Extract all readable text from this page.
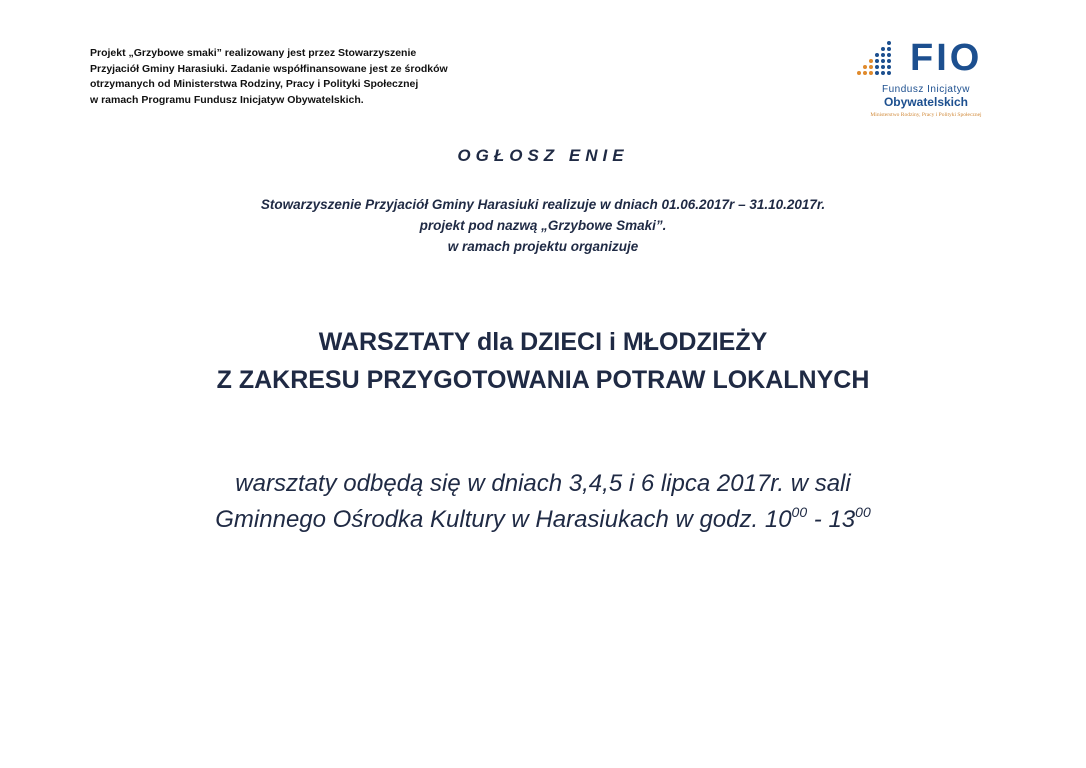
Projekt „Grzybowe smaki” realizowany jest przez Stowarzyszenie
Przyjaciół Gminy Harasiuki. Zadanie współfinansowane jest ze środków
otrzymanych od Ministerstwa Rodziny, Pracy i Polityki Społecznej
w ramach Programu Fundusz Inicjatyw Obywatelskich.
FIO
Fundusz Inicjatyw
Obywatelskich
Ministerstwo Rodziny, Pracy i Polityki Społecznej
OGŁOSZ ENIE
Stowarzyszenie Przyjaciół Gminy Harasiuki realizuje w dniach 01.06.2017r – 31.10.2017r.
projekt pod nazwą „Grzybowe Smaki”.
w ramach projektu organizuje
WARSZTATY dla DZIECI i MŁODZIEŻY
Z ZAKRESU PRZYGOTOWANIA POTRAW LOKALNYCH
warsztaty odbędą się w dniach 3,4,5 i 6 lipca 2017r. w sali
Gminnego Ośrodka Kultury w Harasiukach w godz. $10^{00} - 13^{00}$
